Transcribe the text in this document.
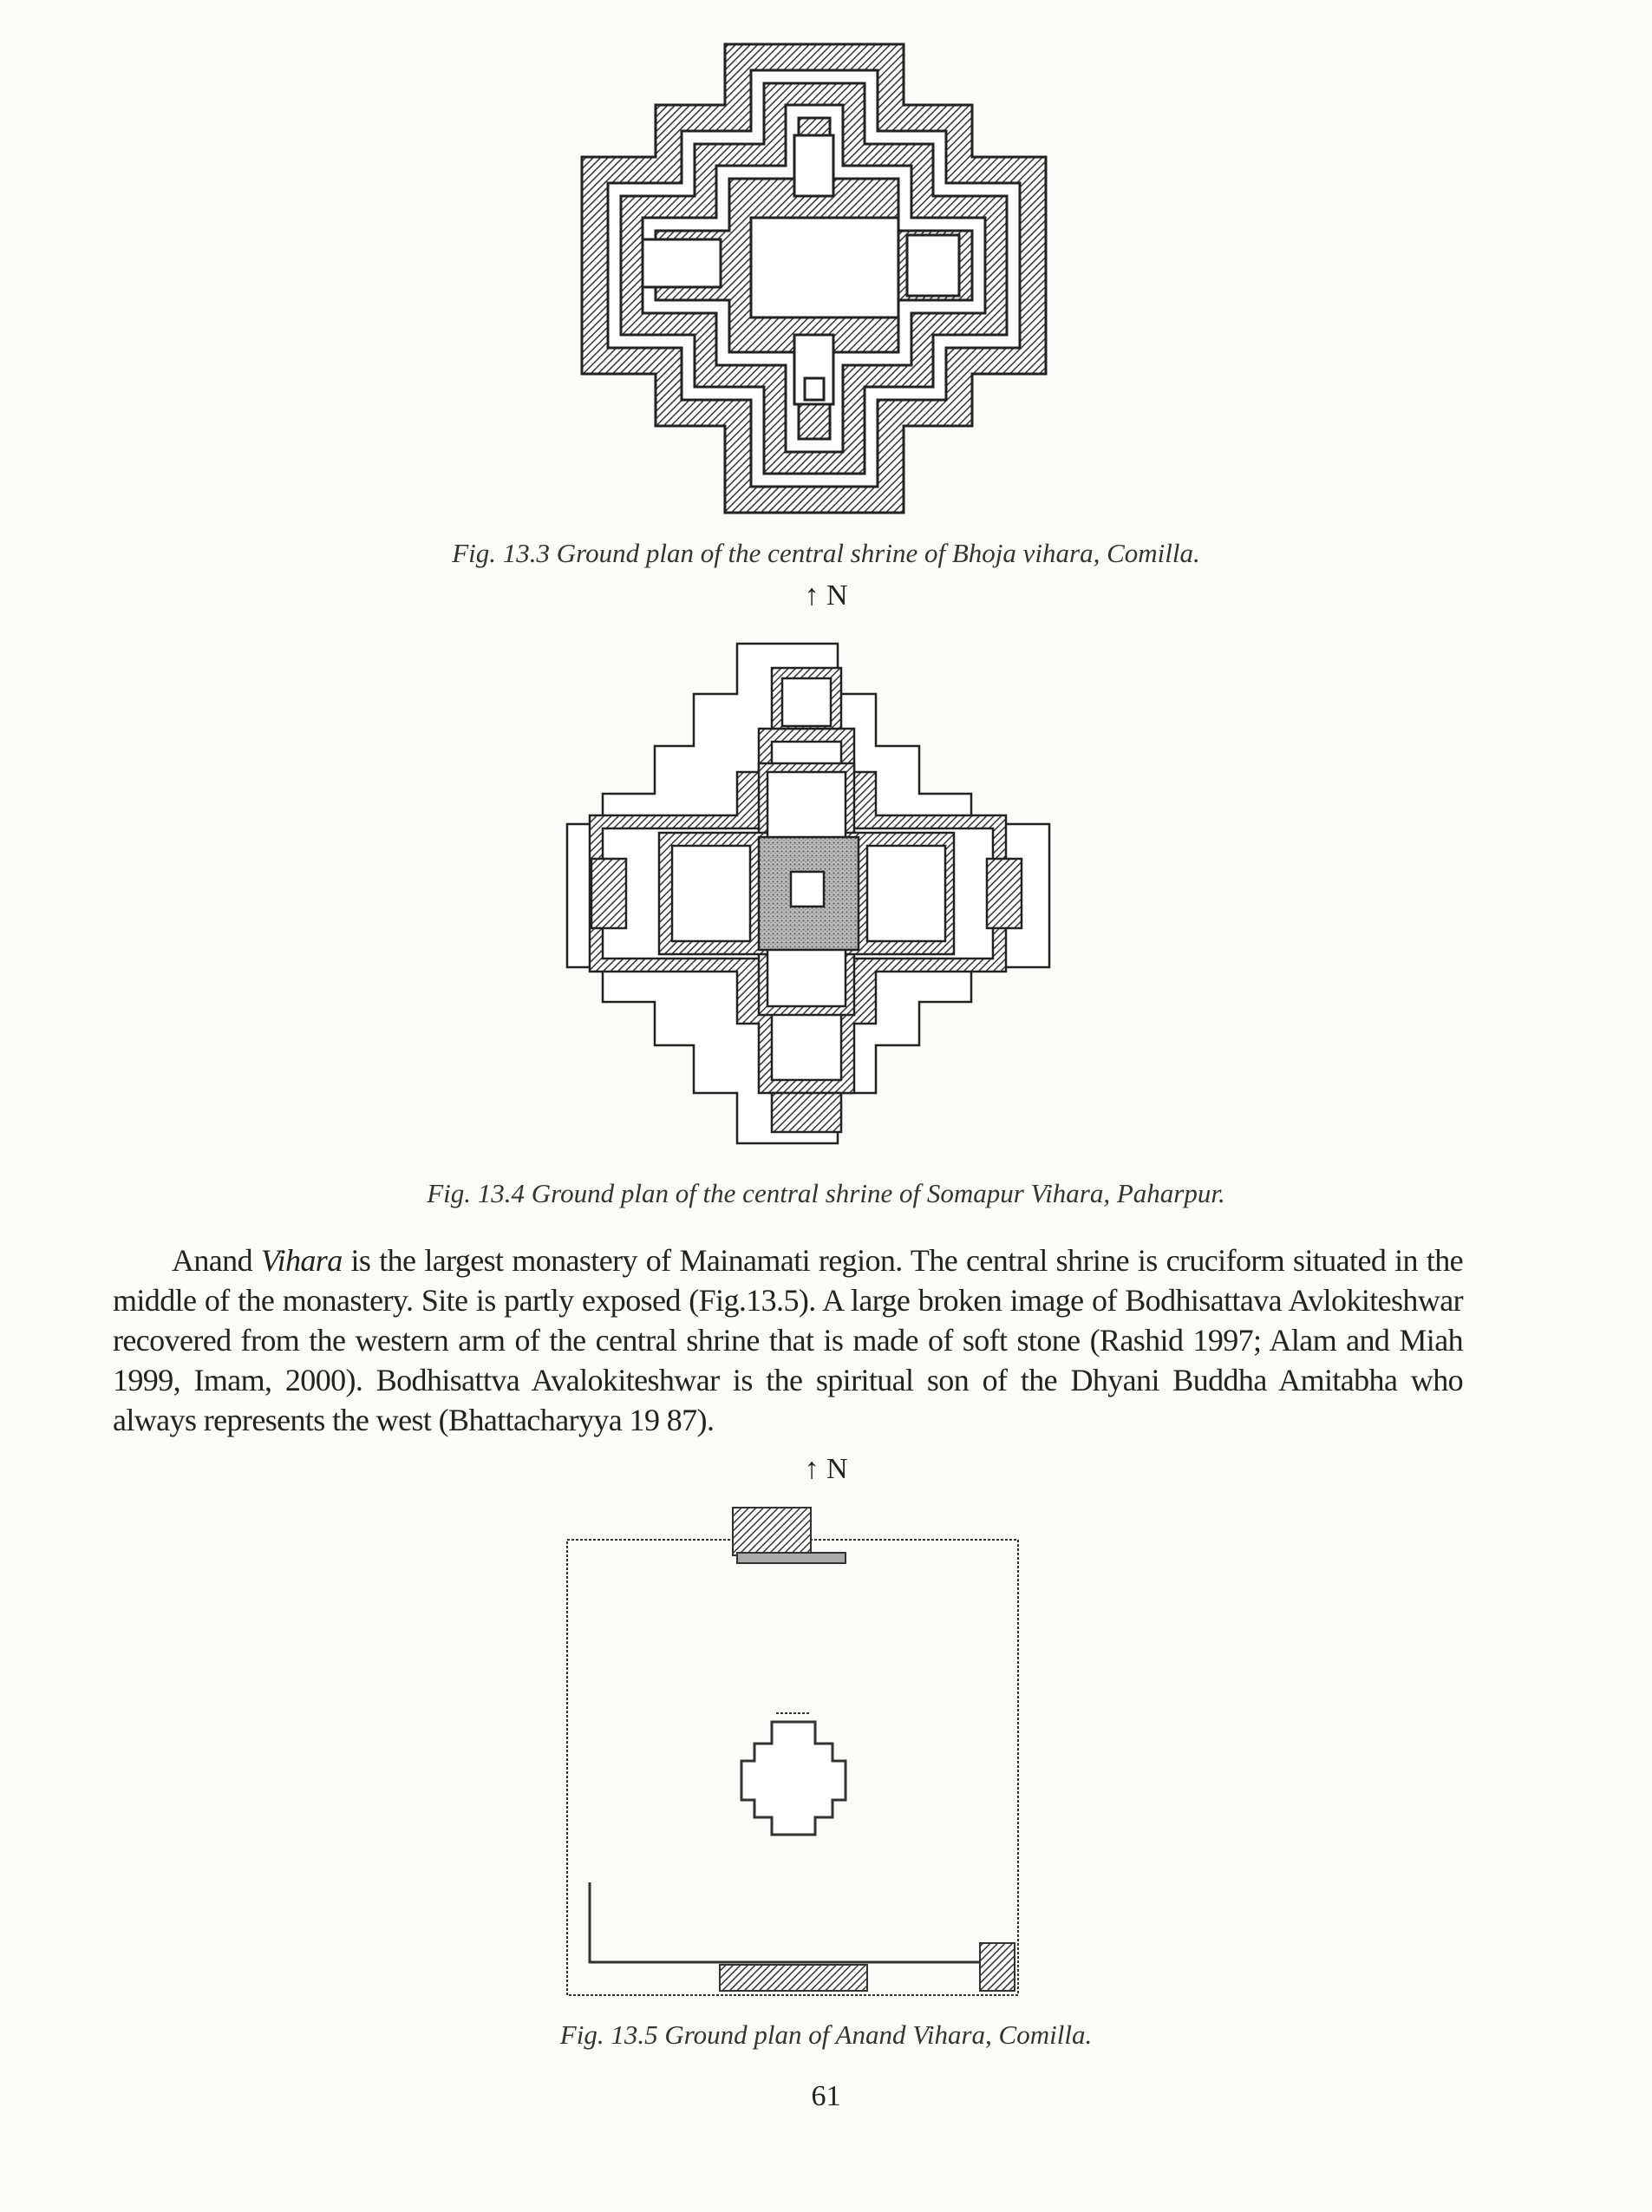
Fig. 13.3 Ground plan of the central shrine of Bhoja vihara, Comilla.
↑ N
Fig. 13.4 Ground plan of the central shrine of Somapur Vihara, Paharpur.

Anand Vihara is the largest monastery of Mainamati region. The central shrine is cruciform situated in the middle of the monastery. Site is partly exposed (Fig.13.5). A large broken image of Bodhisattava Avlokiteshwar recovered from the western arm of the central shrine that is made of soft stone (Rashid 1997; Alam and Miah 1999, Imam, 2000). Bodhisattva Avalokiteshwar is the spiritual son of the Dhyani Buddha Amitabha who always represents the west (Bhattacharyya 19 87).

↑ N
Fig. 13.5 Ground plan of Anand Vihara, Comilla.
61
